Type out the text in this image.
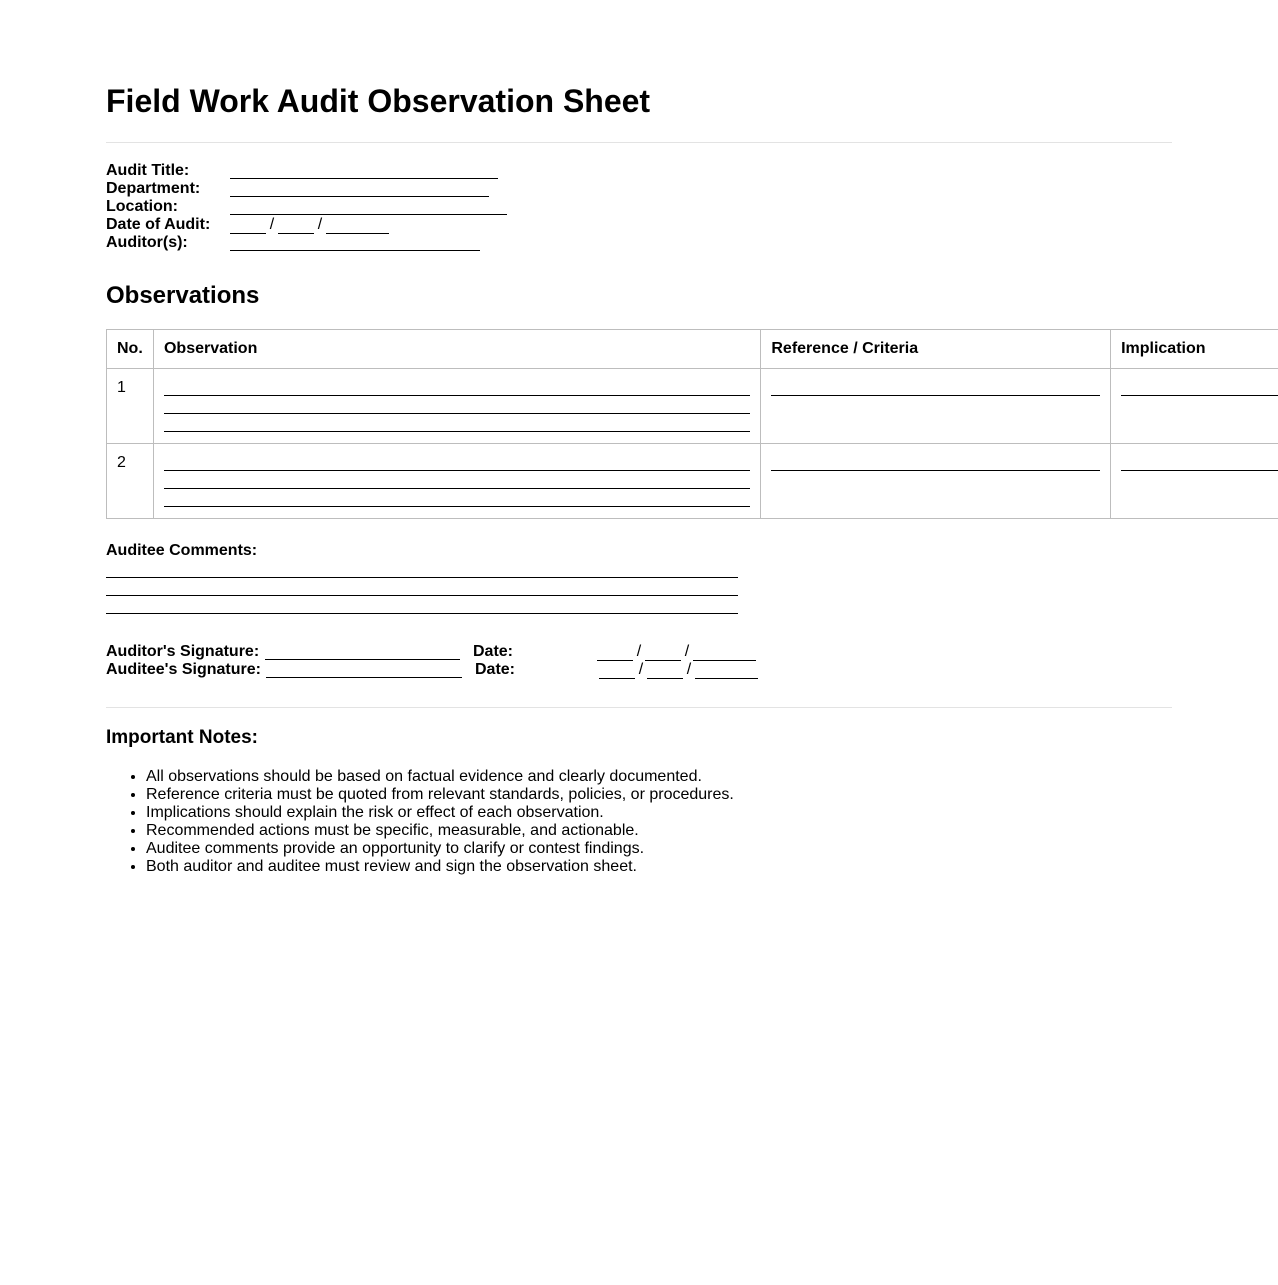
Field Work Audit Observation Sheet
Audit Title:
Department:
Location:
Date of Audit:	/	/
Auditor(s):
Observations
No.	Observation	Reference / Criteria	Implication

1			

2			

Auditee Comments:
Auditor's Signature:	Date:	/	/
Auditee's Signature:	Date:	/	/
Important Notes:
• All observations should be based on factual evidence and clearly documented.
• Reference criteria must be quoted from relevant standards, policies, or procedures.
• Implications should explain the risk or effect of each observation.
• Recommended actions must be specific, measurable, and actionable.
• Auditee comments provide an opportunity to clarify or contest findings.
• Both auditor and auditee must review and sign the observation sheet.
